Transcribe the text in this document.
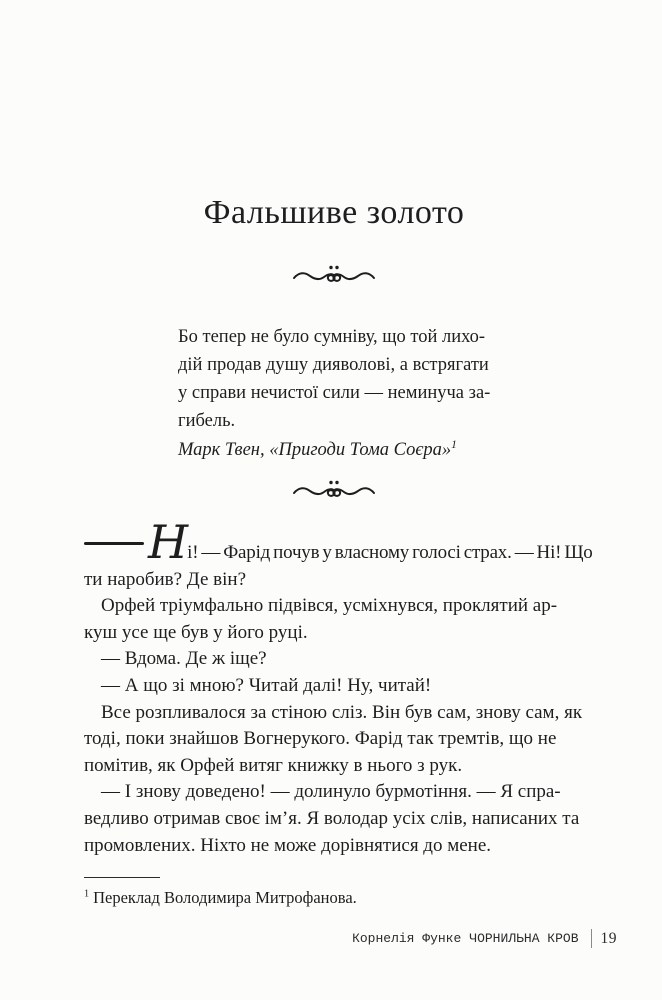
Фальшиве золото
Бо тепер не було сумніву, що той лихо-
дій продав душу дияволові, а встрягати
у справи нечистої сили — неминуча за-
гибель.
Марк Твен, «Пригоди Тома Соєра»$^1$
Ні! — Фарід почув у власному голосі страх. — Ні! Що
ти наробив? Де він?
Орфей тріумфально підвівся, усміхнувся, проклятий ар-
куш усе ще був у його руці.
— Вдома. Де ж іще?
— А що зі мною? Читай далі! Ну, читай!
Все розпливалося за стіною сліз. Він був сам, знову сам, як
тоді, поки знайшов Вогнерукого. Фарід так тремтів, що не
помітив, як Орфей витяг книжку в нього з рук.
— І знову доведено! — долинуло бурмотіння. — Я спра-
ведливо отримав своє ім’я. Я володар усіх слів, написаних та
промовлених. Ніхто не може дорівнятися до мене.
$^1$ Переклад Володимира Митрофанова.
Корнелія Функе ЧОРНИЛЬНА КРОВ 19
